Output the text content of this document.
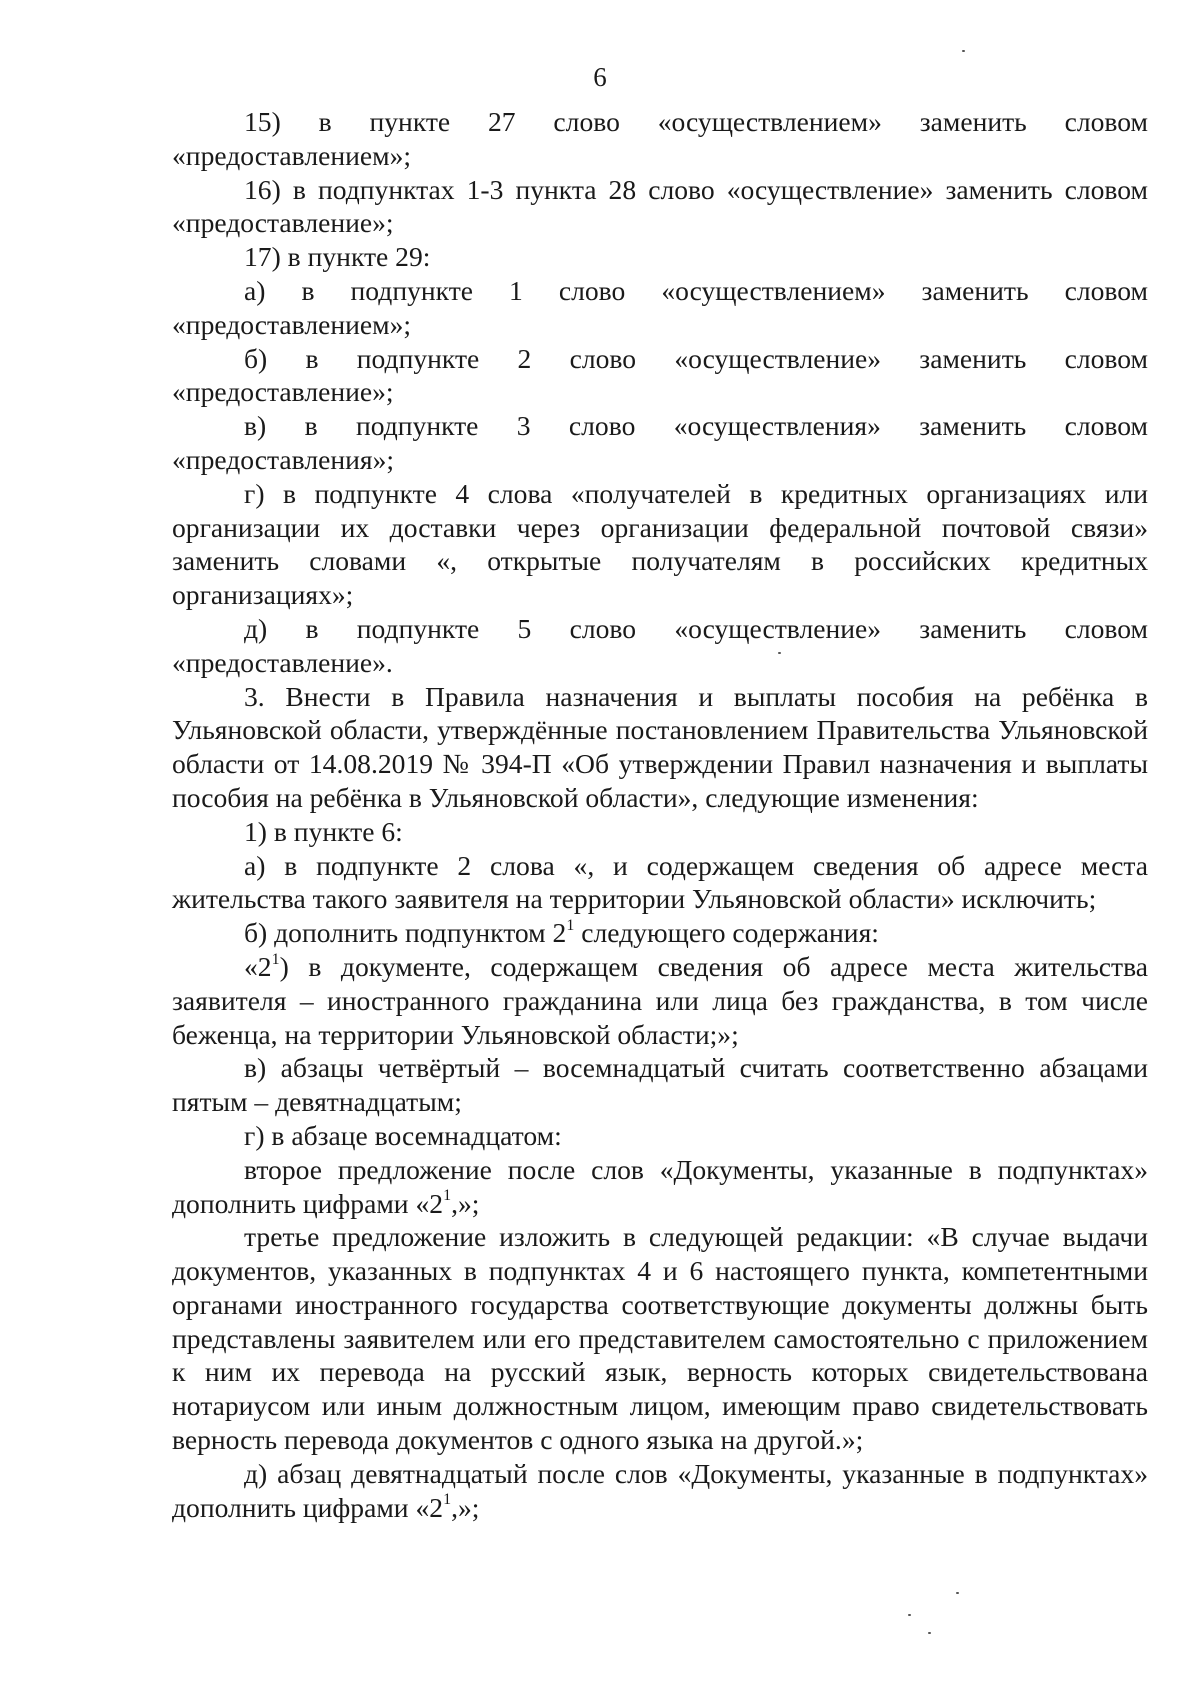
6

15) в пункте 27 слово «осуществлением» заменить словом

«предоставлением»;

16) в подпунктах 1-3 пункта 28 слово «осуществление» заменить словом «предоставление»;

17) в пункте 29:

а) в подпункте 1 слово «осуществлением» заменить словом

«предоставлением»;

б) в подпункте 2 слово «осуществление» заменить словом

«предоставление»;

в) в подпункте 3 слово «осуществления» заменить словом

«предоставления»;

г) в подпункте 4 слова «получателей в кредитных организациях или организации их доставки через организации федеральной почтовой связи» заменить словами «, открытые получателям в российских кредитных организациях»;

д) в подпункте 5 слово «осуществление» заменить словом

«предоставление».

3. Внести в Правила назначения и выплаты пособия на ребёнка в Ульяновской области, утверждённые постановлением Правительства Ульяновской области от 14.08.2019 № 394-П «Об утверждении Правил назначения и выплаты пособия на ребёнка в Ульяновской области», следующие изменения:

1) в пункте 6:

а) в подпункте 2 слова «, и содержащем сведения об адресе места жительства такого заявителя на территории Ульяновской области» исключить;

б) дополнить подпунктом $2^1$ следующего содержания:

«$2^1$) в документе, содержащем сведения об адресе места жительства заявителя – иностранного гражданина или лица без гражданства, в том числе беженца, на территории Ульяновской области;»;

в) абзацы четвёртый – восемнадцатый считать соответственно абзацами пятым – девятнадцатым;

г) в абзаце восемнадцатом:

второе предложение после слов «Документы, указанные в подпунктах» дополнить цифрами «$2^1$,»;

третье предложение изложить в следующей редакции: «В случае выдачи документов, указанных в подпунктах 4 и 6 настоящего пункта, компетентными органами иностранного государства соответствующие документы должны быть представлены заявителем или его представителем самостоятельно с приложением к ним их перевода на русский язык, верность которых свидетельствована нотариусом или иным должностным лицом, имеющим право свидетельствовать верность перевода документов с одного языка на другой.»;

д) абзац девятнадцатый после слов «Документы, указанные в подпунктах» дополнить цифрами «$2^1$,»;
